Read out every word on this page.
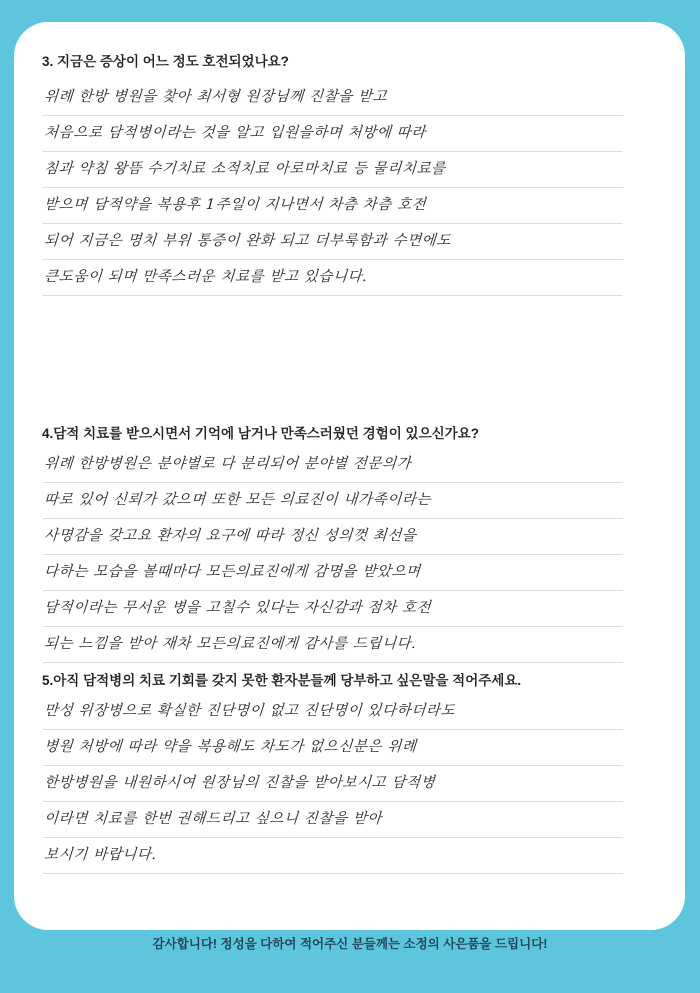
3. 지금은 증상이 어느 정도 호전되었나요?
위례 한방 병원을 찾아 최서형 원장님께 진찰을 받고
처음으로 담적병이라는 것을 알고 입원을하며 처방에 따라
침과 약침 왕뜸 수기치료 소적치료 아로마치료 등 물리치료를
받으며 담적약을 복용후 1주일이 지나면서 차츰 차츰 호전
되어 지금은 명치 부위 통증이 완화 되고 더부룩함과 수면에도
큰도움이 되며 만족스러운 치료를 받고 있습니다.
4.담적 치료를 받으시면서 기억에 남거나 만족스러웠던 경험이 있으신가요?
위례 한방병원은 분야별로 다 분리되어 분야별 전문의가
따로 있어 신뢰가 갔으며 또한 모든 의료진이 내가족이라는
사명감을 갖고요 환자의 요구에 따라 정신 성의껏 최선을
다하는 모습을 볼때마다 모든의료진에게 감명을 받았으며
담적이라는 무서운 병을 고칠수 있다는 자신감과 점차 호전
되는 느낌을 받아 재차 모든의료진에게 감사를 드립니다.
5.아직 담적병의 치료 기회를 갖지 못한 환자분들께 당부하고 싶은말을 적어주세요.
만성 위장병으로 확실한 진단명이 없고 진단명이 있다하더라도
병원 처방에 따라 약을 복용해도 차도가 없으신분은 위례
한방병원을 내원하시여 원장님의 진찰을 받아보시고 담적병
이라면 치료를 한번 권해드리고 싶으니 진찰을 받아
보시기 바랍니다.
감사합니다! 정성을 다하여 적어주신 분들께는 소정의 사은품을 드립니다!
